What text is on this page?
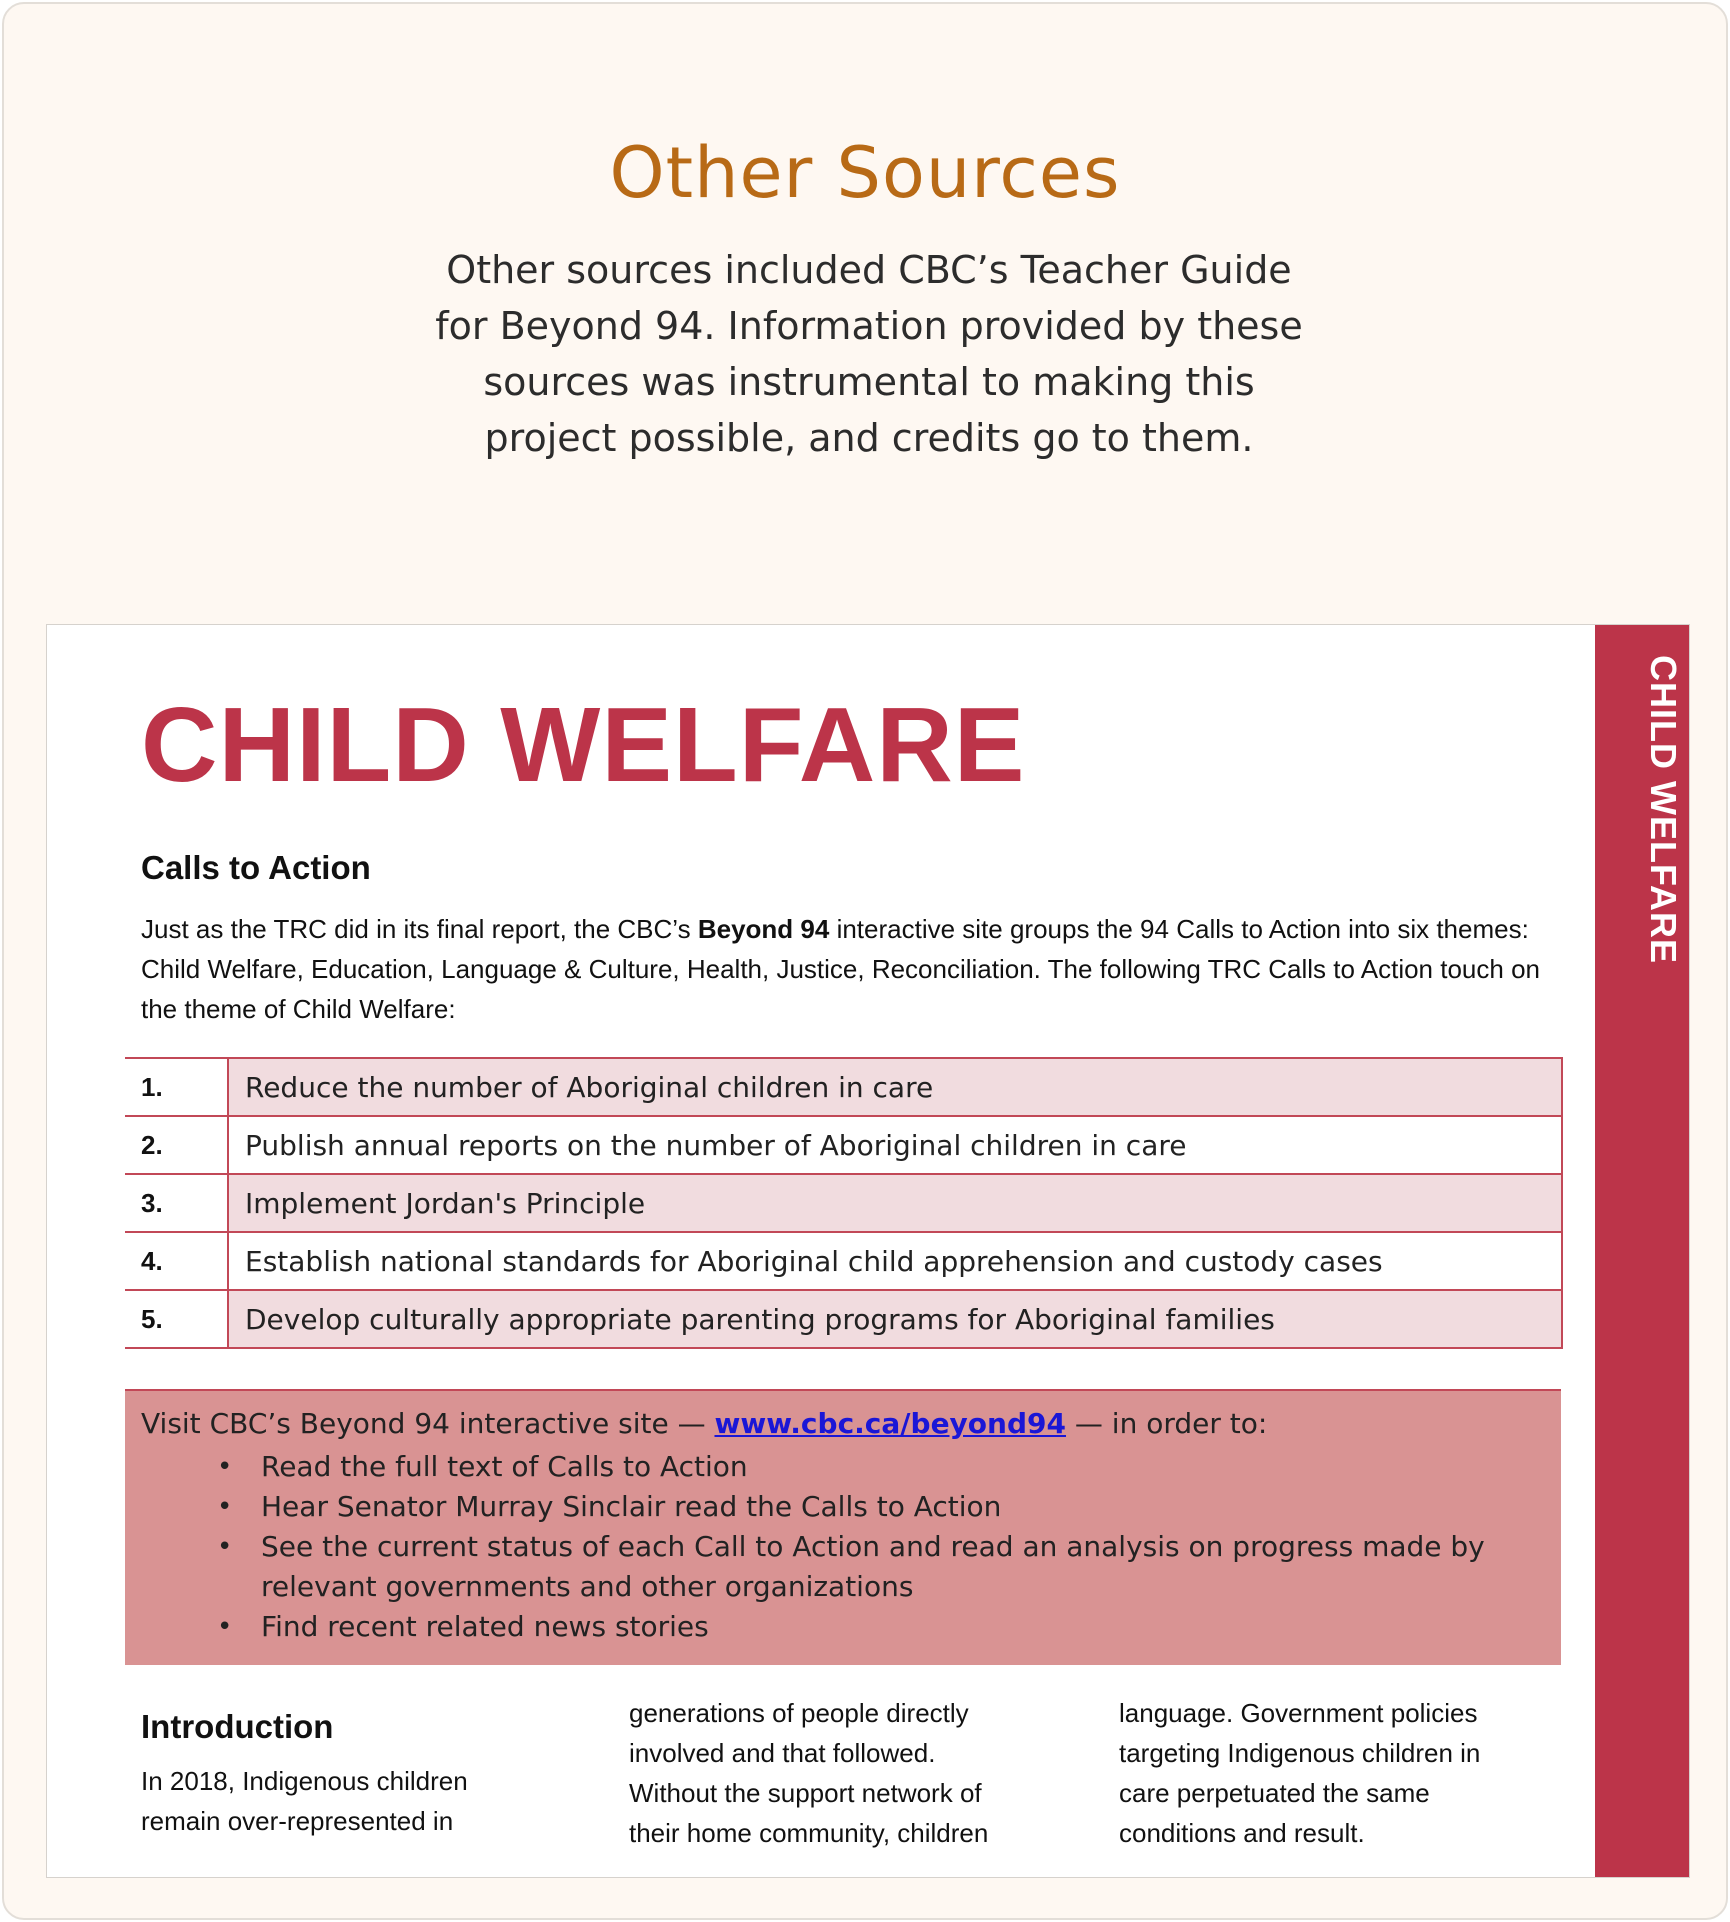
Other Sources
Other sources included CBC’s Teacher Guide
for Beyond 94. Information provided by these
sources was instrumental to making this
project possible, and credits go to them.
CHILD WELFARE
CHILD WELFARE
Calls to Action
Just as the TRC did in its final report, the CBC’s Beyond 94 interactive site groups the 94 Calls to Action into six themes: Child Welfare, Education, Language & Culture, Health, Justice, Reconciliation. The following TRC Calls to Action touch on the theme of Child Welfare:
1.	Reduce the number of Aboriginal children in care
2.	Publish annual reports on the number of Aboriginal children in care
3.	Implement Jordan's Principle
4.	Establish national standards for Aboriginal child apprehension and custody cases
5.	Develop culturally appropriate parenting programs for Aboriginal families
Visit CBC’s Beyond 94 interactive site — www.cbc.ca/beyond94 — in order to:
• Read the full text of Calls to Action
• Hear Senator Murray Sinclair read the Calls to Action
• See the current status of each Call to Action and read an analysis on progress made by relevant governments and other organizations
• Find recent related news stories
Introduction

In 2018, Indigenous children

remain over-represented in

generations of people directly

involved and that followed.

Without the support network of

their home community, children

language. Government policies

targeting Indigenous children in

care perpetuated the same

conditions and result.
